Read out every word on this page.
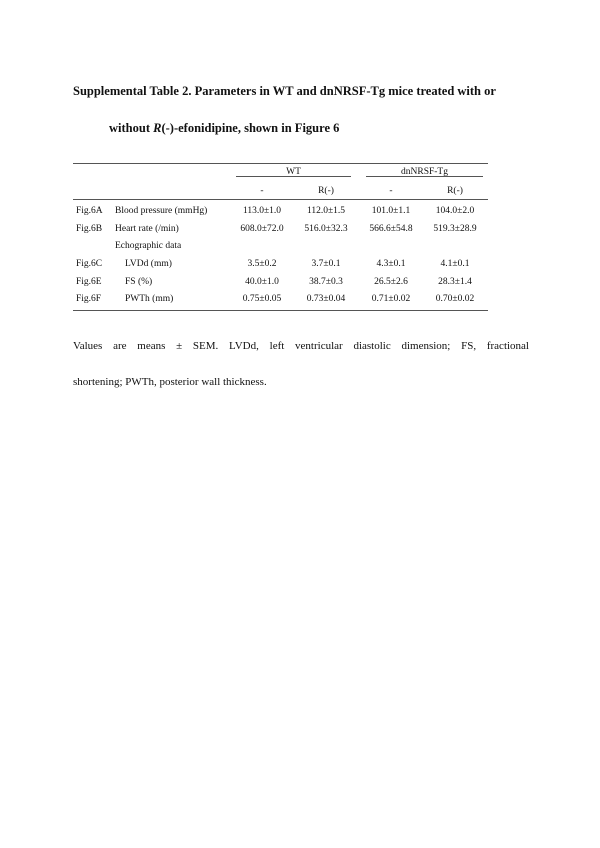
Supplemental Table 2. Parameters in WT and dnNRSF-Tg mice treated with or
without R(-)-efonidipine, shown in Figure 6
WT	dnNRSF-Tg
-	R(-)	-	R(-)
Fig.6A Blood pressure (mmHg)	113.0±1.0	112.0±1.5	101.0±1.1	104.0±2.0
Fig.6B Heart rate (/min)	608.0±72.0	516.0±32.3	566.6±54.8	519.3±28.9
Echographic data
Fig.6C LVDd (mm)	3.5±0.2	3.7±0.1	4.3±0.1	4.1±0.1
Fig.6E FS (%)	40.0±1.0	38.7±0.3	26.5±2.6	28.3±1.4
Fig.6F	PWTh (mm)	0.75±0.05	0.73±0.04	0.71±0.02	0.70±0.02
Values are means ± SEM. LVDd, left ventricular diastolic dimension; FS, fractional
shortening; PWTh, posterior wall thickness.
